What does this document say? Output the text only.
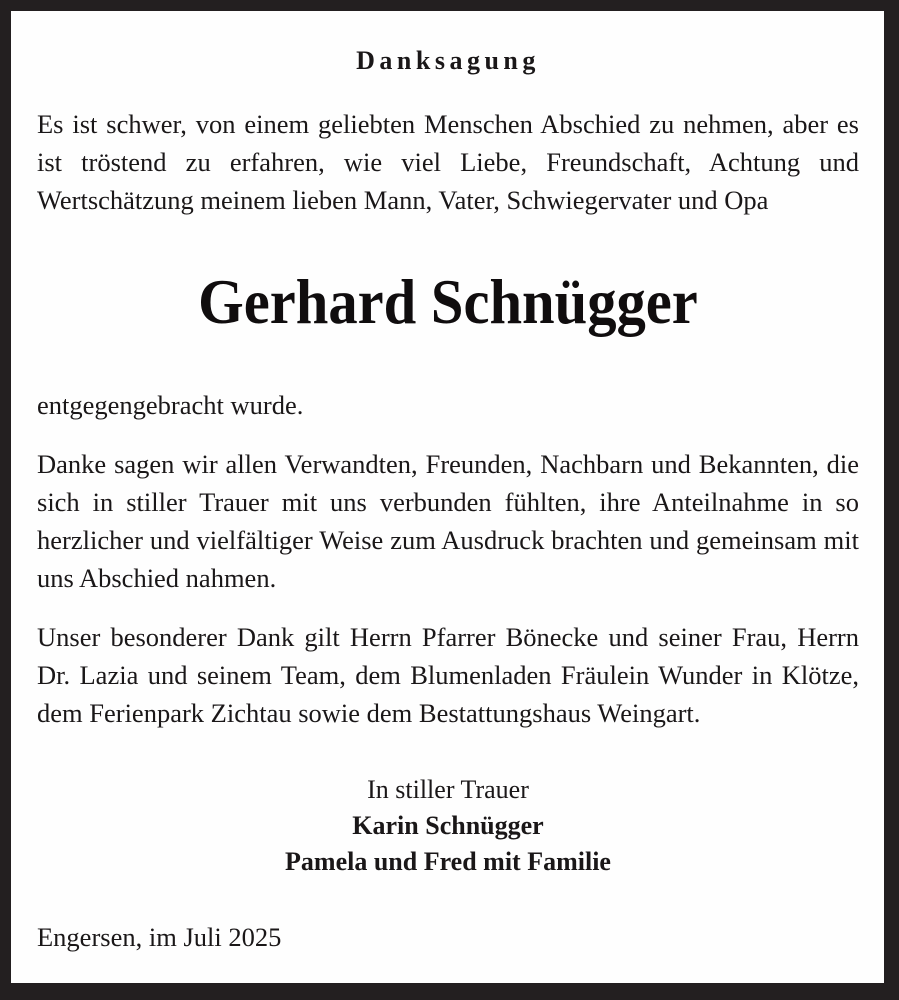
Danksagung

Es ist schwer, von einem geliebten Menschen Abschied zu nehmen, aber es ist tröstend zu erfahren, wie viel Liebe, Freundschaft, Achtung und Wertschätzung meinem lieben Mann, Vater, Schwiegervater und Opa

Gerhard Schnügger

entgegengebracht wurde.

Danke sagen wir allen Verwandten, Freunden, Nachbarn und Bekannten, die sich in stiller Trauer mit uns verbunden fühlten, ihre Anteilnahme in so herzlicher und vielfältiger Weise zum Ausdruck brachten und gemeinsam mit uns Abschied nahmen.

Unser besonderer Dank gilt Herrn Pfarrer Bönecke und seiner Frau, Herrn Dr. Lazia und seinem Team, dem Blumenladen Fräulein Wunder in Klötze, dem Ferienpark Zichtau sowie dem Bestattungshaus Weingart.

In stiller Trauer
Karin Schnügger
Pamela und Fred mit Familie

Engersen, im Juli 2025
